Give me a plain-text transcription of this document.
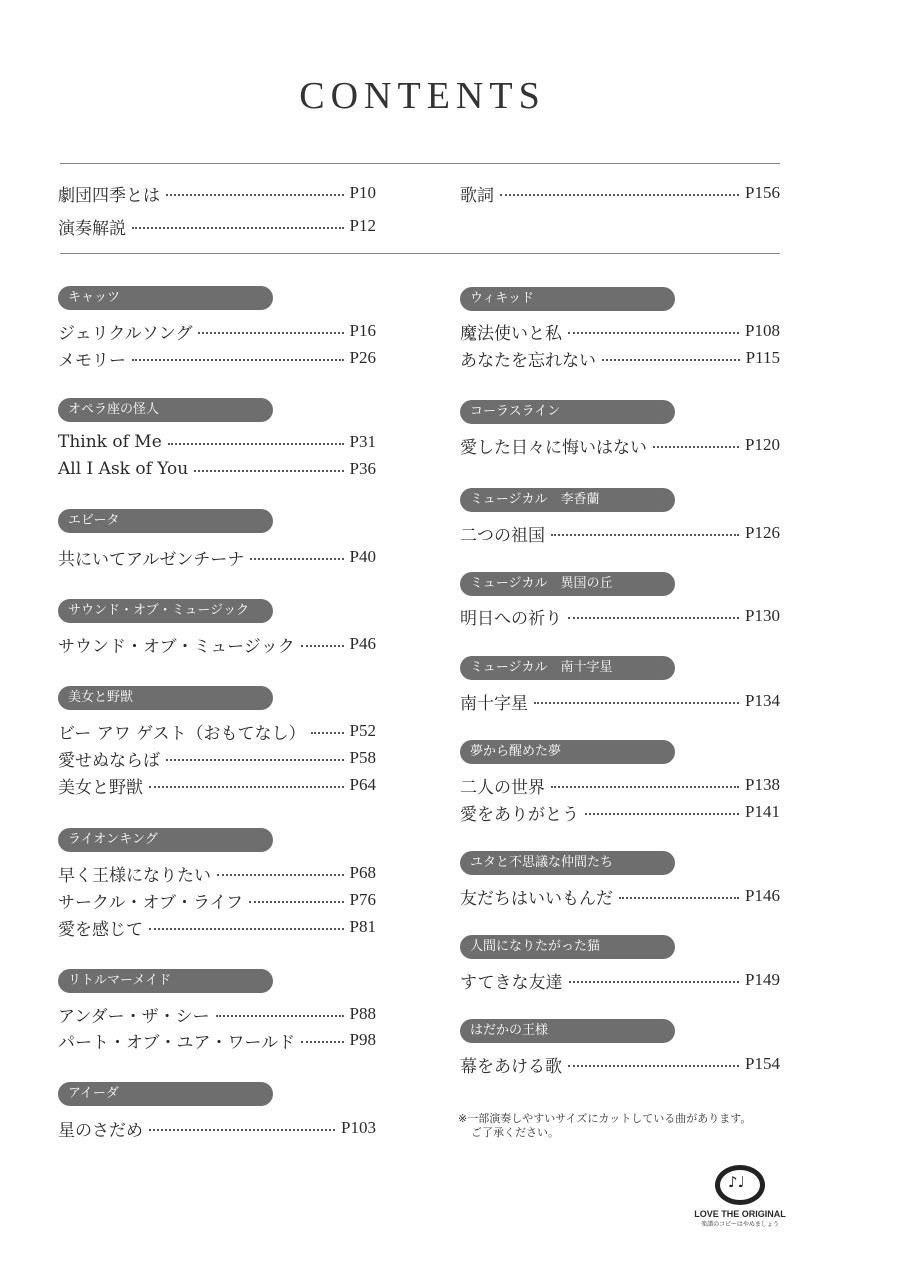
CONTENTS
劇団四季とは	P10
演奏解説	P12
歌詞	P156
キャッツ
ジェリクルソング	P16
メモリー	P26
オペラ座の怪人
Think of Me	P31
All I Ask of You	P36
エビータ
共にいてアルゼンチーナ	P40
サウンド・オブ・ミュージック
サウンド・オブ・ミュージック	P46
美女と野獣
ビー アワ ゲスト（おもてなし）	P52
愛せぬならば	P58
美女と野獣	P64
ライオンキング
早く王様になりたい	P68
サークル・オブ・ライフ	P76
愛を感じて	P81
リトルマーメイド
アンダー・ザ・シー	P88
パート・オブ・ユア・ワールド	P98
アイーダ
星のさだめ	P103
ウィキッド
魔法使いと私	P108
あなたを忘れない	P115
コーラスライン
愛した日々に悔いはない	P120
ミュージカル　李香蘭
二つの祖国	P126
ミュージカル　異国の丘
明日への祈り	P130
ミュージカル　南十字星
南十字星	P134
夢から醒めた夢
二人の世界	P138
愛をありがとう	P141
ユタと不思議な仲間たち
友だちはいいもんだ	P146
人間になりたがった猫
すてきな友達	P149
はだかの王様
幕をあける歌	P154
※一部演奏しやすいサイズにカットしている曲があります。
ご了承ください。
♪♩
LOVE THE ORIGINAL
楽譜のコピーはやめましょう
